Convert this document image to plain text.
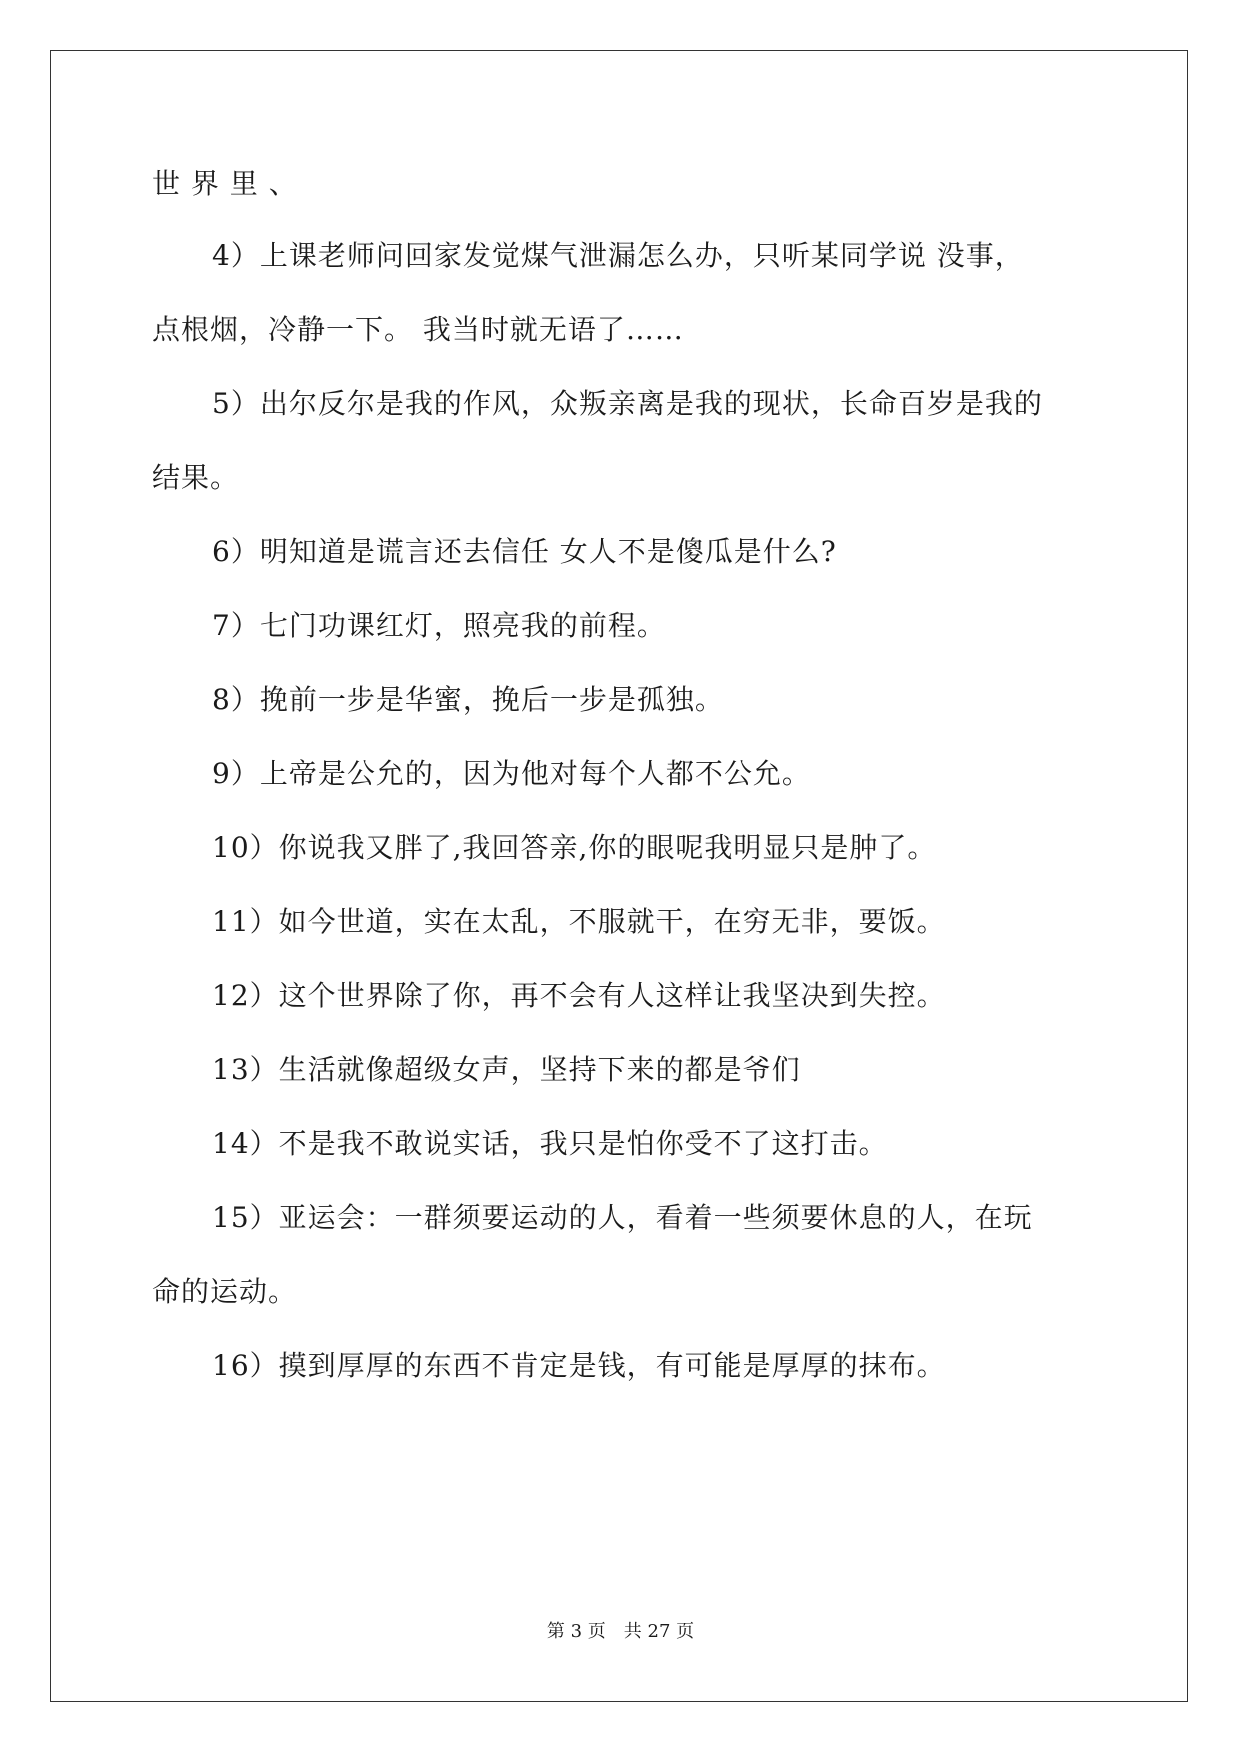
世 界 里 、
4）上课老师问回家发觉煤气泄漏怎么办，只听某同学说 没事，
点根烟，冷静一下。 我当时就无语了……
5）出尔反尔是我的作风，众叛亲离是我的现状，长命百岁是我的
结果。
6）明知道是谎言还去信任 女人不是傻瓜是什么?
7）七门功课红灯，照亮我的前程。
8）挽前一步是华蜜，挽后一步是孤独。
9）上帝是公允的，因为他对每个人都不公允。
10）你说我又胖了,我回答亲,你的眼呢我明显只是肿了。
11）如今世道，实在太乱，不服就干，在穷无非，要饭。
12）这个世界除了你，再不会有人这样让我坚决到失控。
13）生活就像超级女声，坚持下来的都是爷们
14）不是我不敢说实话，我只是怕你受不了这打击。
15）亚运会：一群须要运动的人，看着一些须要休息的人，在玩
命的运动。
16）摸到厚厚的东西不肯定是钱，有可能是厚厚的抹布。
第 3 页　共 27 页
